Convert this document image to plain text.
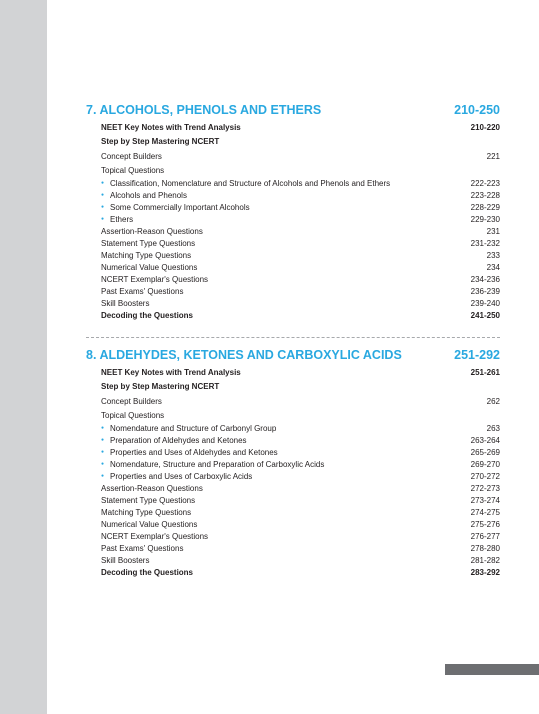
7. ALCOHOLS, PHENOLS AND ETHERS	210-250
NEET Key Notes with Trend Analysis	210-220
Step by Step Mastering NCERT
Concept Builders	221
Topical Questions
● Classification, Nomenclature and Structure of Alcohols and Phenols and Ethers	222-223
● Alcohols and Phenols	223-228
● Some Commercially Important Alcohols	228-229
● Ethers	229-230
Assertion-Reason Questions	231
Statement Type Questions	231-232
Matching Type Questions	233
Numerical Value Questions	234
NCERT Exemplar's Questions	234-236
Past Exams' Questions	236-239
Skill Boosters	239-240
Decoding the Questions	241-250
8. ALDEHYDES, KETONES AND CARBOXYLIC ACIDS	251-292
NEET Key Notes with Trend Analysis	251-261
Step by Step Mastering NCERT
Concept Builders	262
Topical Questions
● Nomendature and Structure of Carbonyl Group	263
● Preparation of Aldehydes and Ketones	263-264
● Properties and Uses of Aldehydes and Ketones	265-269
● Nomendature, Structure and Preparation of Carboxylic Acids	269-270
● Properties and Uses of Carboxylic Acids	270-272
Assertion-Reason Questions	272-273
Statement Type Questions	273-274
Matching Type Questions	274-275
Numerical Value Questions	275-276
NCERT Exemplar's Questions	276-277
Past Exams' Questions	278-280
Skill Boosters	281-282
Decoding the Questions	283-292
